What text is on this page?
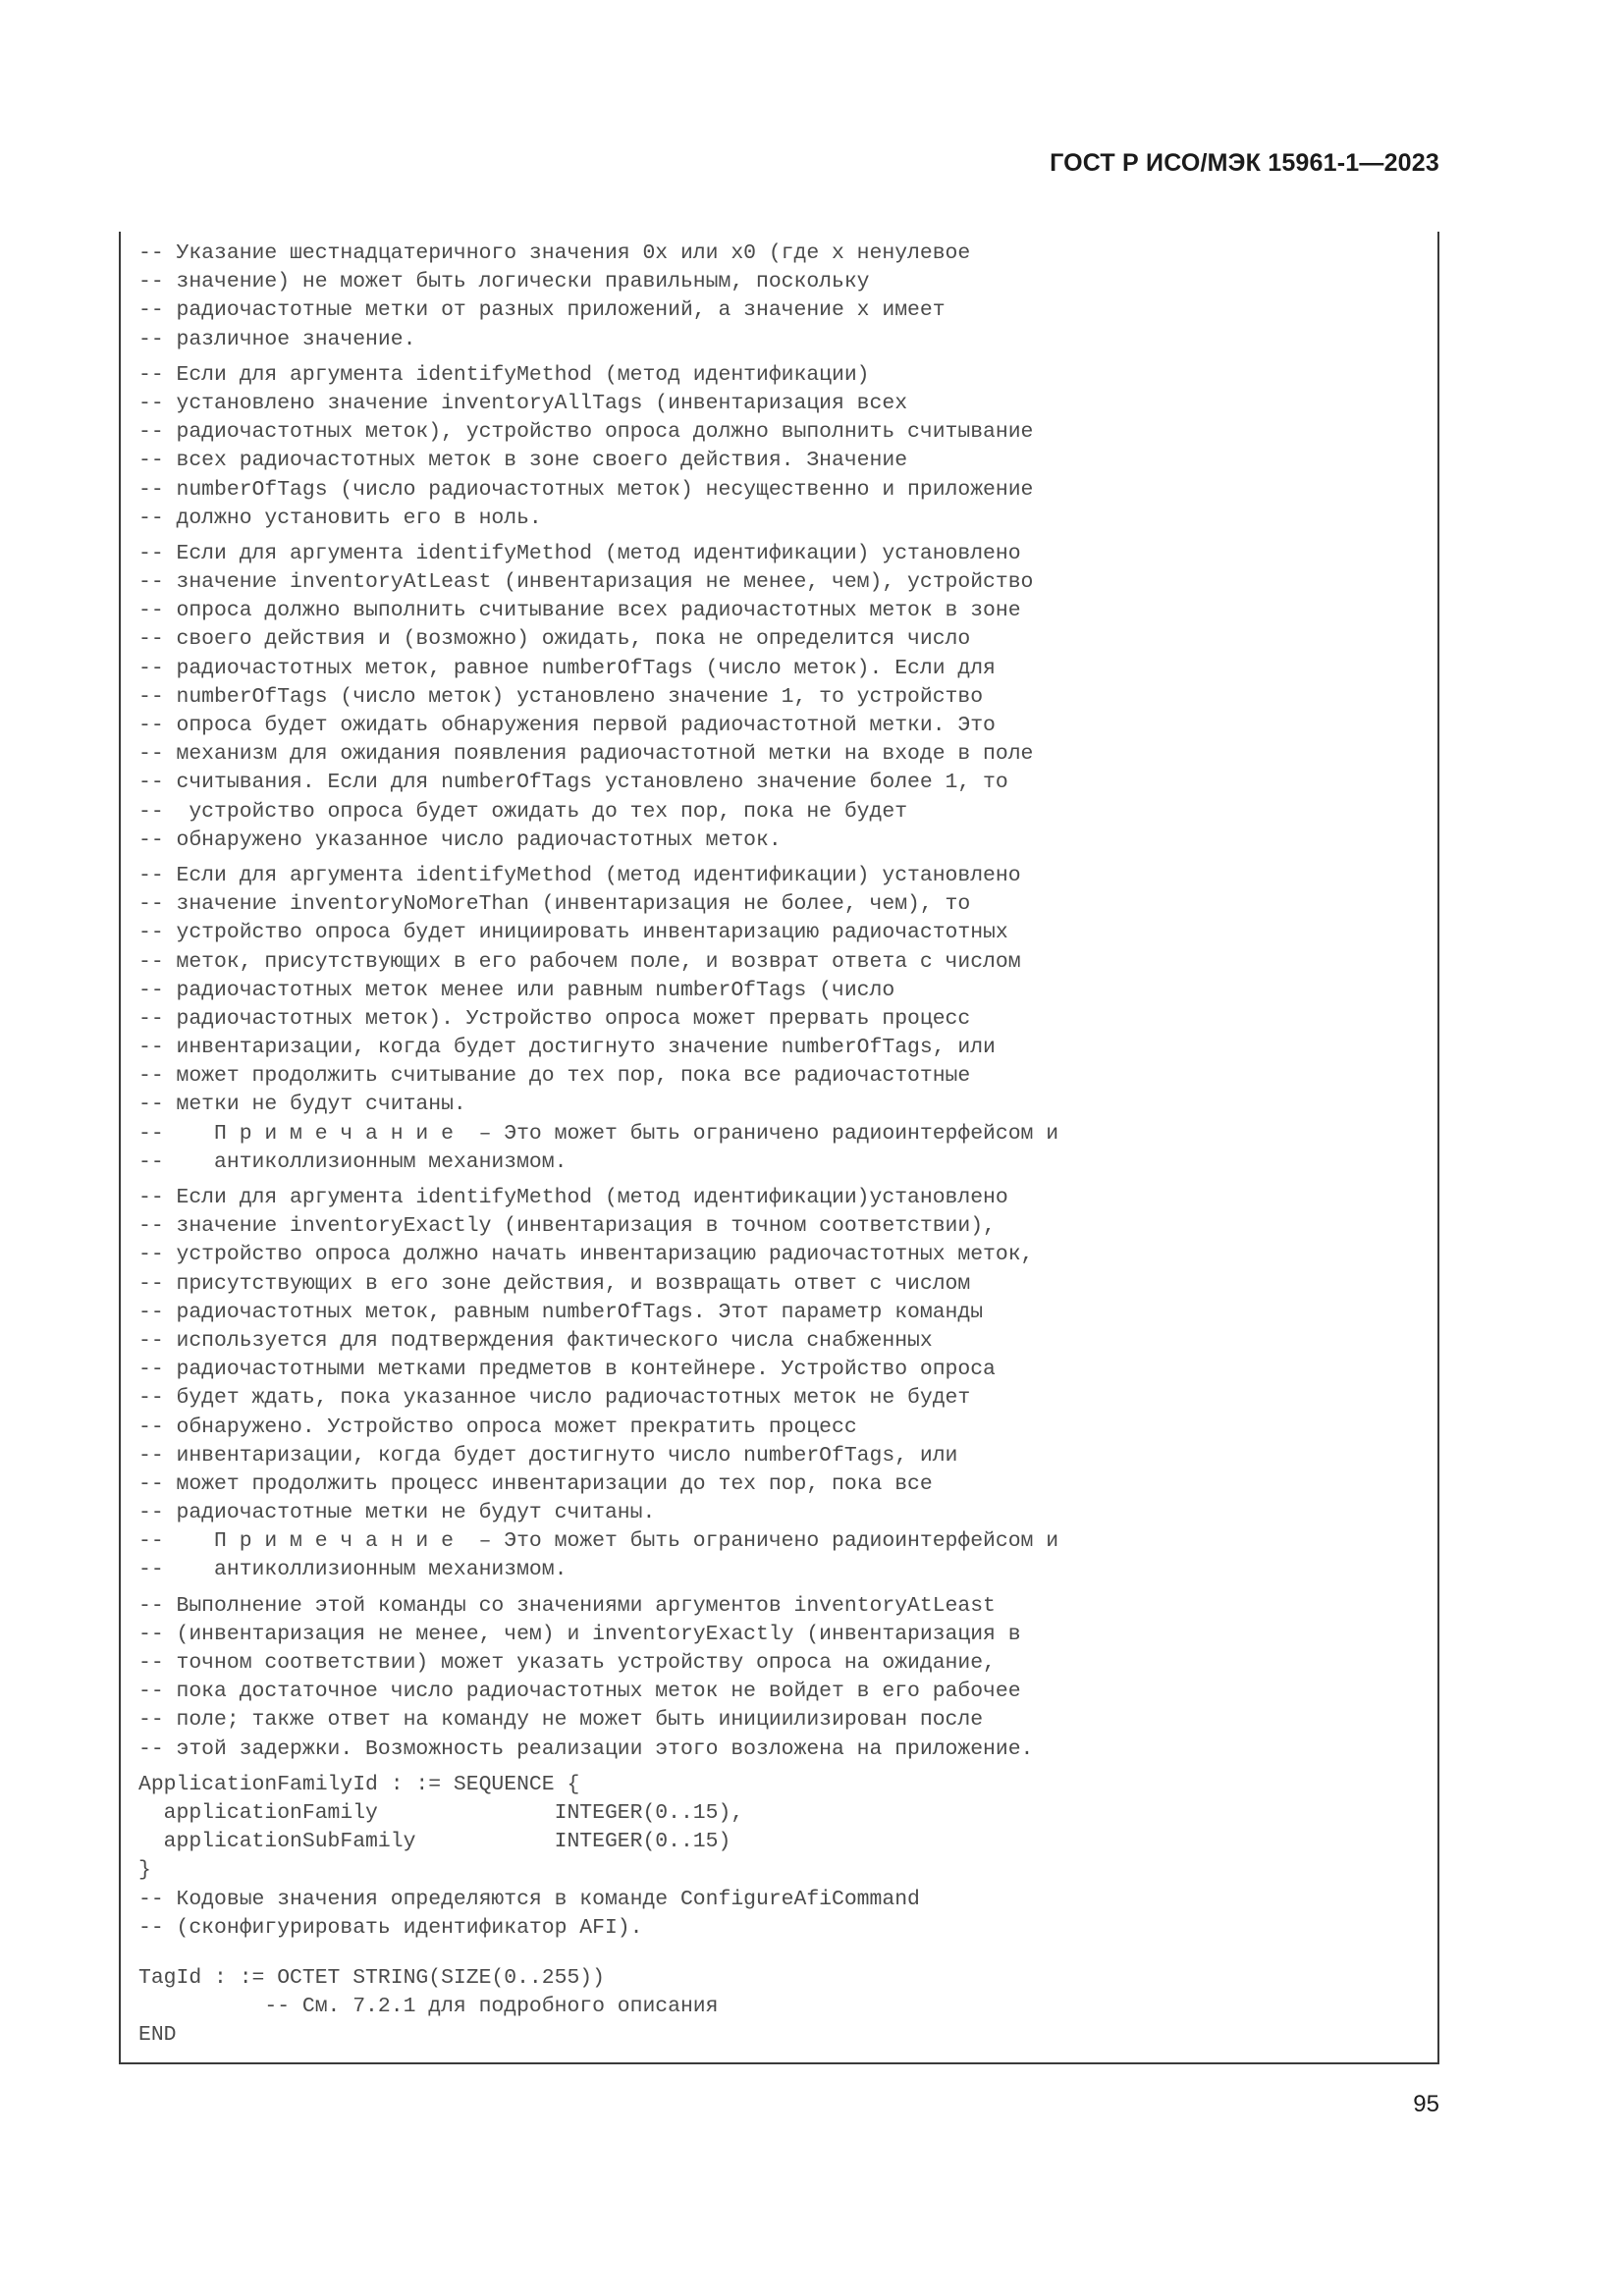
ГОСТ Р ИСО/МЭК 15961-1—2023
-- Указание шестнадцатеричного значения 0x или x0 (где x ненулевое
-- значение) не может быть логически правильным, поскольку
-- радиочастотные метки от разных приложений, а значение x имеет
-- различное значение.
-- Если для аргумента identifyMethod (метод идентификации)
-- установлено значение inventoryAllTags (инвентаризация всех
-- радиочастотных меток), устройство опроса должно выполнить считывание
-- всех радиочастотных меток в зоне своего действия. Значение
-- numberOfTags (число радиочастотных меток) несущественно и приложение
-- должно установить его в ноль.
-- Если для аргумента identifyMethod (метод идентификации) установлено
-- значение inventoryAtLeast (инвентаризация не менее, чем), устройство
-- опроса должно выполнить считывание всех радиочастотных меток в зоне
-- своего действия и (возможно) ожидать, пока не определится число
-- радиочастотных меток, равное numberOfTags (число меток). Если для
-- numberOfTags (число меток) установлено значение 1, то устройство
-- опроса будет ожидать обнаружения первой радиочастотной метки. Это
-- механизм для ожидания появления радиочастотной метки на входе в поле
-- считывания. Если для numberOfTags установлено значение более 1, то
--  устройство опроса будет ожидать до тех пор, пока не будет
-- обнаружено указанное число радиочастотных меток.
-- Если для аргумента identifyMethod (метод идентификации) установлено
-- значение inventoryNoMoreThan (инвентаризация не более, чем), то
-- устройство опроса будет инициировать инвентаризацию радиочастотных
-- меток, присутствующих в его рабочем поле, и возврат ответа с числом
-- радиочастотных меток менее или равным numberOfTags (число
-- радиочастотных меток). Устройство опроса может прервать процесс
-- инвентаризации, когда будет достигнуто значение numberOfTags, или
-- может продолжить считывание до тех пор, пока все радиочастотные
-- метки не будут считаны.
--    П р и м е ч а н и е  – Это может быть ограничено радиоинтерфейсом и
--    антиколлизионным механизмом.
-- Если для аргумента identifyMethod (метод идентификации)установлено
-- значение inventoryExactly (инвентаризация в точном соответствии),
-- устройство опроса должно начать инвентаризацию радиочастотных меток,
-- присутствующих в его зоне действия, и возвращать ответ с числом
-- радиочастотных меток, равным numberOfTags. Этот параметр команды
-- используется для подтверждения фактического числа снабженных
-- радиочастотными метками предметов в контейнере. Устройство опроса
-- будет ждать, пока указанное число радиочастотных меток не будет
-- обнаружено. Устройство опроса может прекратить процесс
-- инвентаризации, когда будет достигнуто число numberOfTags, или
-- может продолжить процесс инвентаризации до тех пор, пока все
-- радиочастотные метки не будут считаны.
--    П р и м е ч а н и е  – Это может быть ограничено радиоинтерфейсом и
--    антиколлизионным механизмом.
-- Выполнение этой команды со значениями аргументов inventoryAtLeast
-- (инвентаризация не менее, чем) и inventoryExactly (инвентаризация в
-- точном соответствии) может указать устройству опроса на ожидание,
-- пока достаточное число радиочастотных меток не войдет в его рабочее
-- поле; также ответ на команду не может быть инициилизирован после
-- этой задержки. Возможность реализации этого возложена на приложение.
ApplicationFamilyId : := SEQUENCE {
applicationFamily              INTEGER(0..15),
applicationSubFamily           INTEGER(0..15)
}
-- Кодовые значения определяются в команде ConfigureAfiCommand
-- (сконфигурировать идентификатор AFI).
TagId : := OCTET STRING(SIZE(0..255))
-- См. 7.2.1 для подробного описания
END
95
